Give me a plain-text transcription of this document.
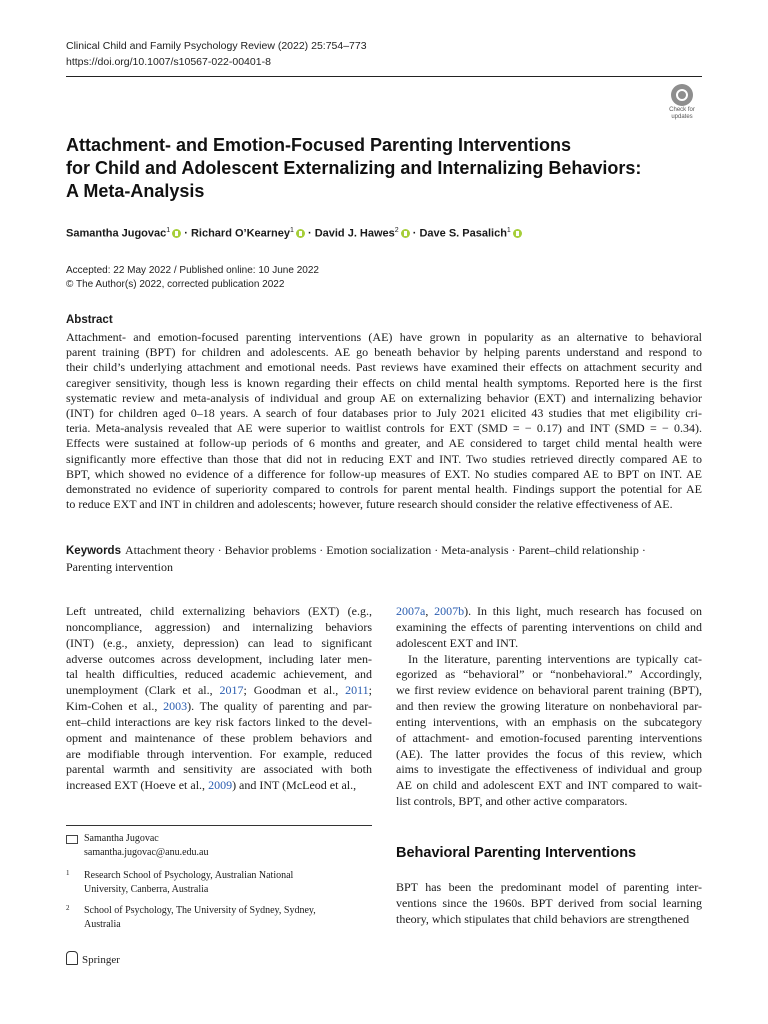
Clinical Child and Family Psychology Review (2022) 25:754–773
https://doi.org/10.1007/s10567-022-00401-8
Check for
updates
Attachment- and Emotion-Focused Parenting Interventions
for Child and Adolescent Externalizing and Internalizing Behaviors:
A Meta-Analysis
Samantha Jugovac$^1$ · Richard O’Kearney$^1$ · David J. Hawes$^2$ · Dave S. Pasalich$^1$
Accepted: 22 May 2022 / Published online: 10 June 2022
© The Author(s) 2022, corrected publication 2022
Abstract
Attachment- and emotion-focused parenting interventions (AE) have grown in popularity as an alternative to behavioral
parent training (BPT) for children and adolescents. AE go beneath behavior by helping parents understand and respond to
their child’s underlying attachment and emotional needs. Past reviews have examined their effects on attachment security and
caregiver sensitivity, though less is known regarding their effects on child mental health symptoms. Reported here is the first
systematic review and meta-analysis of individual and group AE on externalizing behavior (EXT) and internalizing behavior
(INT) for children aged 0–18 years. A search of four databases prior to July 2021 elicited 43 studies that met eligibility cri-
teria. Meta-analysis revealed that AE were superior to waitlist controls for EXT (SMD = − 0.17) and INT (SMD = − 0.34).
Effects were sustained at follow-up periods of 6 months and greater, and AE considered to target child mental health were
significantly more effective than those that did not in reducing EXT and INT. Two studies retrieved directly compared AE to
BPT, which showed no evidence of a difference for follow-up measures of EXT. No studies compared AE to BPT on INT. AE
demonstrated no evidence of superiority compared to controls for parent mental health. Findings support the potential for AE
to reduce EXT and INT in children and adolescents; however, future research should consider the relative effectiveness of AE.
Keywords Attachment theory · Behavior problems · Emotion socialization · Meta-analysis · Parent–child relationship ·
Parenting intervention
Left untreated, child externalizing behaviors (EXT) (e.g.,
noncompliance, aggression) and internalizing behaviors
(INT) (e.g., anxiety, depression) can lead to significant
adverse outcomes across development, including later men-
tal health difficulties, reduced academic achievement, and
unemployment (Clark et al., 2017; Goodman et al., 2011;
Kim-Cohen et al., 2003). The quality of parenting and par-
ent–child interactions are key risk factors linked to the devel-
opment and maintenance of these problem behaviors and
are modifiable through intervention. For example, reduced
parental warmth and sensitivity are associated with both
increased EXT (Hoeve et al., 2009) and INT (McLeod et al.,
2007a, 2007b). In this light, much research has focused on
examining the effects of parenting interventions on child and
adolescent EXT and INT.
In the literature, parenting interventions are typically cat-
egorized as “behavioral” or “nonbehavioral.” Accordingly,
we first review evidence on behavioral parent training (BPT),
and then review the growing literature on nonbehavioral par-
enting interventions, with an emphasis on the subcategory
of attachment- and emotion-focused parenting interventions
(AE). The latter provides the focus of this review, which
aims to investigate the effectiveness of individual and group
AE on child and adolescent EXT and INT compared to wait-
list controls, BPT, and other active comparators.
Samantha Jugovac
samantha.jugovac@anu.edu.au
1 Research School of Psychology, Australian National
University, Canberra, Australia
2 School of Psychology, The University of Sydney, Sydney,
Australia
Behavioral Parenting Interventions
BPT has been the predominant model of parenting inter-
ventions since the 1960s. BPT derived from social learning
theory, which stipulates that child behaviors are strengthened
Springer
